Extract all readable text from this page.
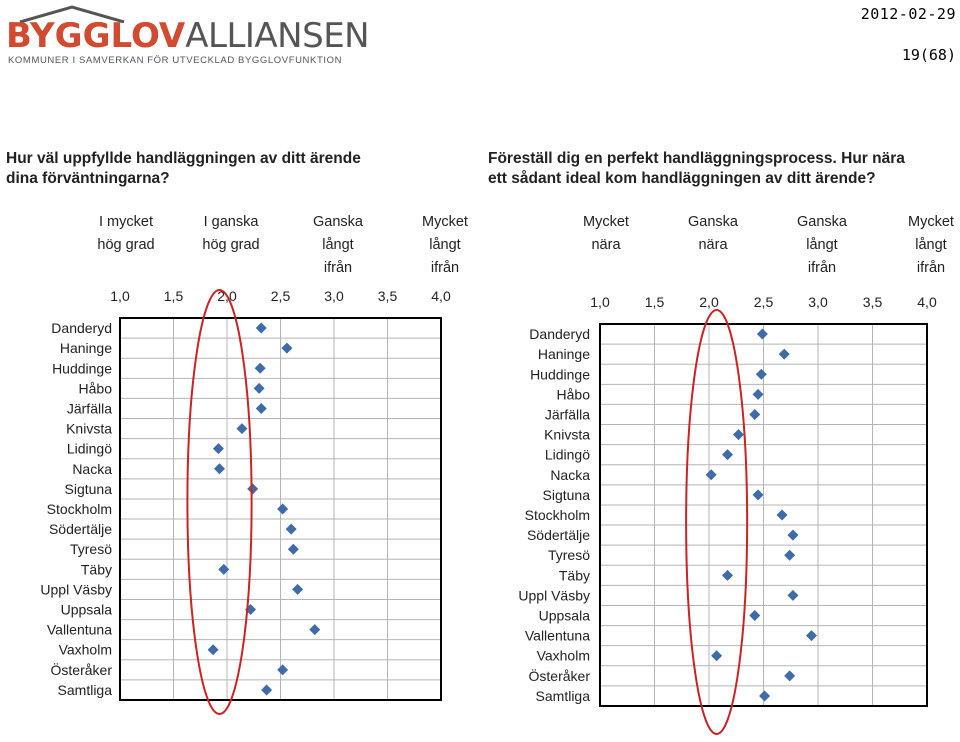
BYGGLOVALLIANSEN
KOMMUNER I SAMVERKAN FÖR UTVECKLAD BYGGLOVFUNKTION
2012-02-29
19(68)
Hur väl uppfyllde handläggningen av ditt ärende
dina förväntningarna?
I mycket
hög grad
I ganska
hög grad
Ganska
långt
ifrån
Mycket
långt
ifrån
1,0 1,5 2,0 2,5 3,0 3,5 4,0
Danderyd
Haninge
Huddinge
Håbo
Järfälla
Knivsta
Lidingö
Nacka
Sigtuna
Stockholm
Södertälje
Tyresö
Täby
Uppl Väsby
Uppsala
Vallentuna
Vaxholm
Österåker
Samtliga
Föreställ dig en perfekt handläggningsprocess. Hur nära
ett sådant ideal kom handläggningen av ditt ärende?
Mycket
nära
Ganska
nära
Ganska
långt
ifrån
Mycket
långt
ifrån
1,0	1,5	2,0	2,5	3,0	3,5	4,0
Danderyd
Haninge
Huddinge
Håbo
Järfälla
Knivsta
Lidingö
Nacka
Sigtuna
Stockholm
Södertälje
Tyresö
Täby
Uppl Väsby
Uppsala
Vallentuna
Vaxholm
Österåker
Samtliga
